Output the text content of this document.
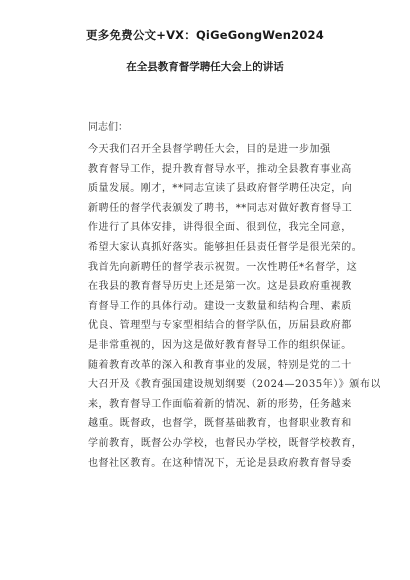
更多免费公文+VX：QiGeGongWen2024
在全县教育督学聘任大会上的讲话
同志们：
今天我们召开全县督学聘任大会，目的是进一步加强
教育督导工作，提升教育督导水平，推动全县教育事业高
质量发展。刚才，**同志宣读了县政府督学聘任决定，向
新聘任的督学代表颁发了聘书，**同志对做好教育督导工
作进行了具体安排，讲得很全面、很到位，我完全同意，
希望大家认真抓好落实。能够担任县责任督学是很光荣的。
我首先向新聘任的督学表示祝贺。一次性聘任*名督学，这
在我县的教育督导历史上还是第一次。这是县政府重视教
育督导工作的具体行动。建设一支数量和结构合理、素质
优良、管理型与专家型相结合的督学队伍，历届县政府都
是非常重视的，因为这是做好教育督导工作的组织保证。
随着教育改革的深入和教育事业的发展，特别是党的二十
大召开及《教育强国建设规划纲要（2024—2035年）》颁布以
来，教育督导工作面临着新的情况、新的形势，任务越来
越重。既督政，也督学，既督基础教育，也督职业教育和
学前教育，既督公办学校，也督民办学校，既督学校教育，
也督社区教育。在这种情况下，无论是县政府教育督导委
